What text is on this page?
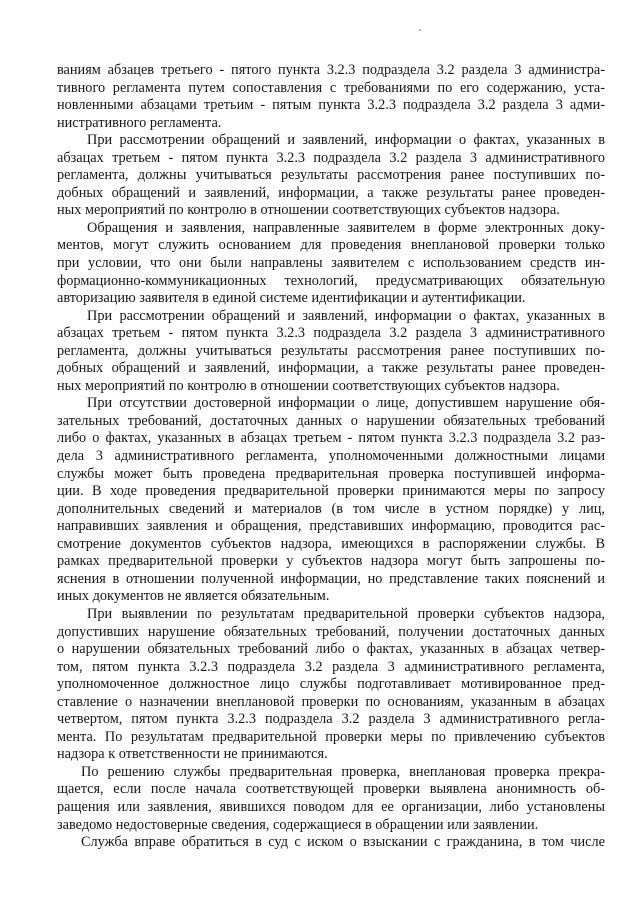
ваниям абзацев третьего - пятого пункта 3.2.3 подраздела 3.2 раздела 3 администра-
тивного регламента путем сопоставления с требованиями по его содержанию, уста-
новленными абзацами третьим - пятым пункта 3.2.3 подраздела 3.2 раздела 3 адми-
нистративного регламента.
При рассмотрении обращений и заявлений, информации о фактах, указанных в
абзацах третьем - пятом пункта 3.2.3 подраздела 3.2 раздела 3 административного
регламента, должны учитываться результаты рассмотрения ранее поступивших по-
добных обращений и заявлений, информации, а также результаты ранее проведен-
ных мероприятий по контролю в отношении соответствующих субъектов надзора.
Обращения и заявления, направленные заявителем в форме электронных доку-
ментов, могут служить основанием для проведения внеплановой проверки только
при условии, что они были направлены заявителем с использованием средств ин-
формационно-коммуникационных технологий, предусматривающих обязательную
авторизацию заявителя в единой системе идентификации и аутентификации.
При рассмотрении обращений и заявлений, информации о фактах, указанных в
абзацах третьем - пятом пункта 3.2.3 подраздела 3.2 раздела 3 административного
регламента, должны учитываться результаты рассмотрения ранее поступивших по-
добных обращений и заявлений, информации, а также результаты ранее проведен-
ных мероприятий по контролю в отношении соответствующих субъектов надзора.
При отсутствии достоверной информации о лице, допустившем нарушение обя-
зательных требований, достаточных данных о нарушении обязательных требований
либо о фактах, указанных в абзацах третьем - пятом пункта 3.2.3 подраздела 3.2 раз-
дела 3 административного регламента, уполномоченными должностными лицами
службы может быть проведена предварительная проверка поступившей информа-
ции. В ходе проведения предварительной проверки принимаются меры по запросу
дополнительных сведений и материалов (в том числе в устном порядке) у лиц,
направивших заявления и обращения, представивших информацию, проводится рас-
смотрение документов субъектов надзора, имеющихся в распоряжении службы. В
рамках предварительной проверки у субъектов надзора могут быть запрошены по-
яснения в отношении полученной информации, но представление таких пояснений и
иных документов не является обязательным.
При выявлении по результатам предварительной проверки субъектов надзора,
допустивших нарушение обязательных требований, получении достаточных данных
о нарушении обязательных требований либо о фактах, указанных в абзацах четвер-
том, пятом пункта 3.2.3 подраздела 3.2 раздела 3 административного регламента,
уполномоченное должностное лицо службы подготавливает мотивированное пред-
ставление о назначении внеплановой проверки по основаниям, указанным в абзацах
четвертом, пятом пункта 3.2.3 подраздела 3.2 раздела 3 административного регла-
мента. По результатам предварительной проверки меры по привлечению субъектов
надзора к ответственности не принимаются.
По решению службы предварительная проверка, внеплановая проверка прекра-
щается, если после начала соответствующей проверки выявлена анонимность об-
ращения или заявления, явившихся поводом для ее организации, либо установлены
заведомо недостоверные сведения, содержащиеся в обращении или заявлении.
Служба вправе обратиться в суд с иском о взыскании с гражданина, в том числе
